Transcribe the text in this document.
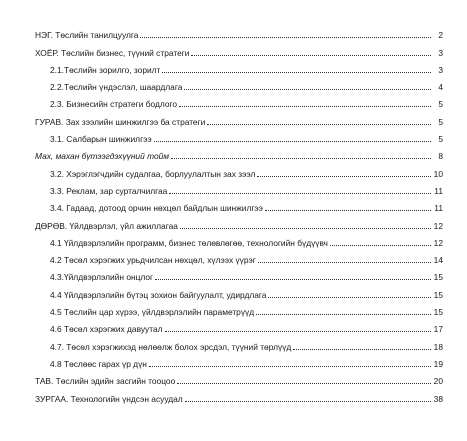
НЭГ. Төслийн танилцуулга	2
ХОЁР. Төслийн бизнес, түүний стратеги	3
2.1.Төслийн зорилго, зорилт	3
2.2.Төслийн үндэслэл, шаардлага	4
2.3. Бизнесийн стратеги бодлого	5
ГУРАВ. Зах зээлийн шинжилгээ ба стратеги	5
3.1. Салбарын шинжилгээ	5
Мах, махан бүтээгдэхүүний тойм	8
3.2. Хэрэглэгчдийн судалгаа, борлуулалтын зах зээл	10
3.3. Реклам, зар сурталчилгаа	11
3.4. Гадаад, дотоод орчин нөхцөл байдлын шинжилгээ	11
ДӨРӨВ. Үйлдвэрлэл, үйл ажиллагаа	12
4.1 Үйлдвэрлэлийн программ, бизнес төлөвлөгөө, технологийн бүдүүвч	12
4.2 Төсөл хэрэгжих урьдчилсан нөхцөл, хүлээх үүрэг	14
4.3.Үйлдвэрлэлийн онцлог	15
4.4 Үйлдвэрлэлийн бүтэц зохион байгуулалт, удирдлага	15
4.5 Төслийн цар хүрээ, үйлдвэрлэлийн параметрүүд	15
4.6 Төсөл хэрэгжих давуутал	17
4.7. Төсөл хэрэгжихэд нөлөөлж болох эрсдэл, түүний төрлүүд	18
4.8 Төслөөс гарах үр дүн	19
ТАВ. Төслийн эдийн засгийн тооцоо	20
ЗУРГАА. Технологийн үндсэн асуудал	38
